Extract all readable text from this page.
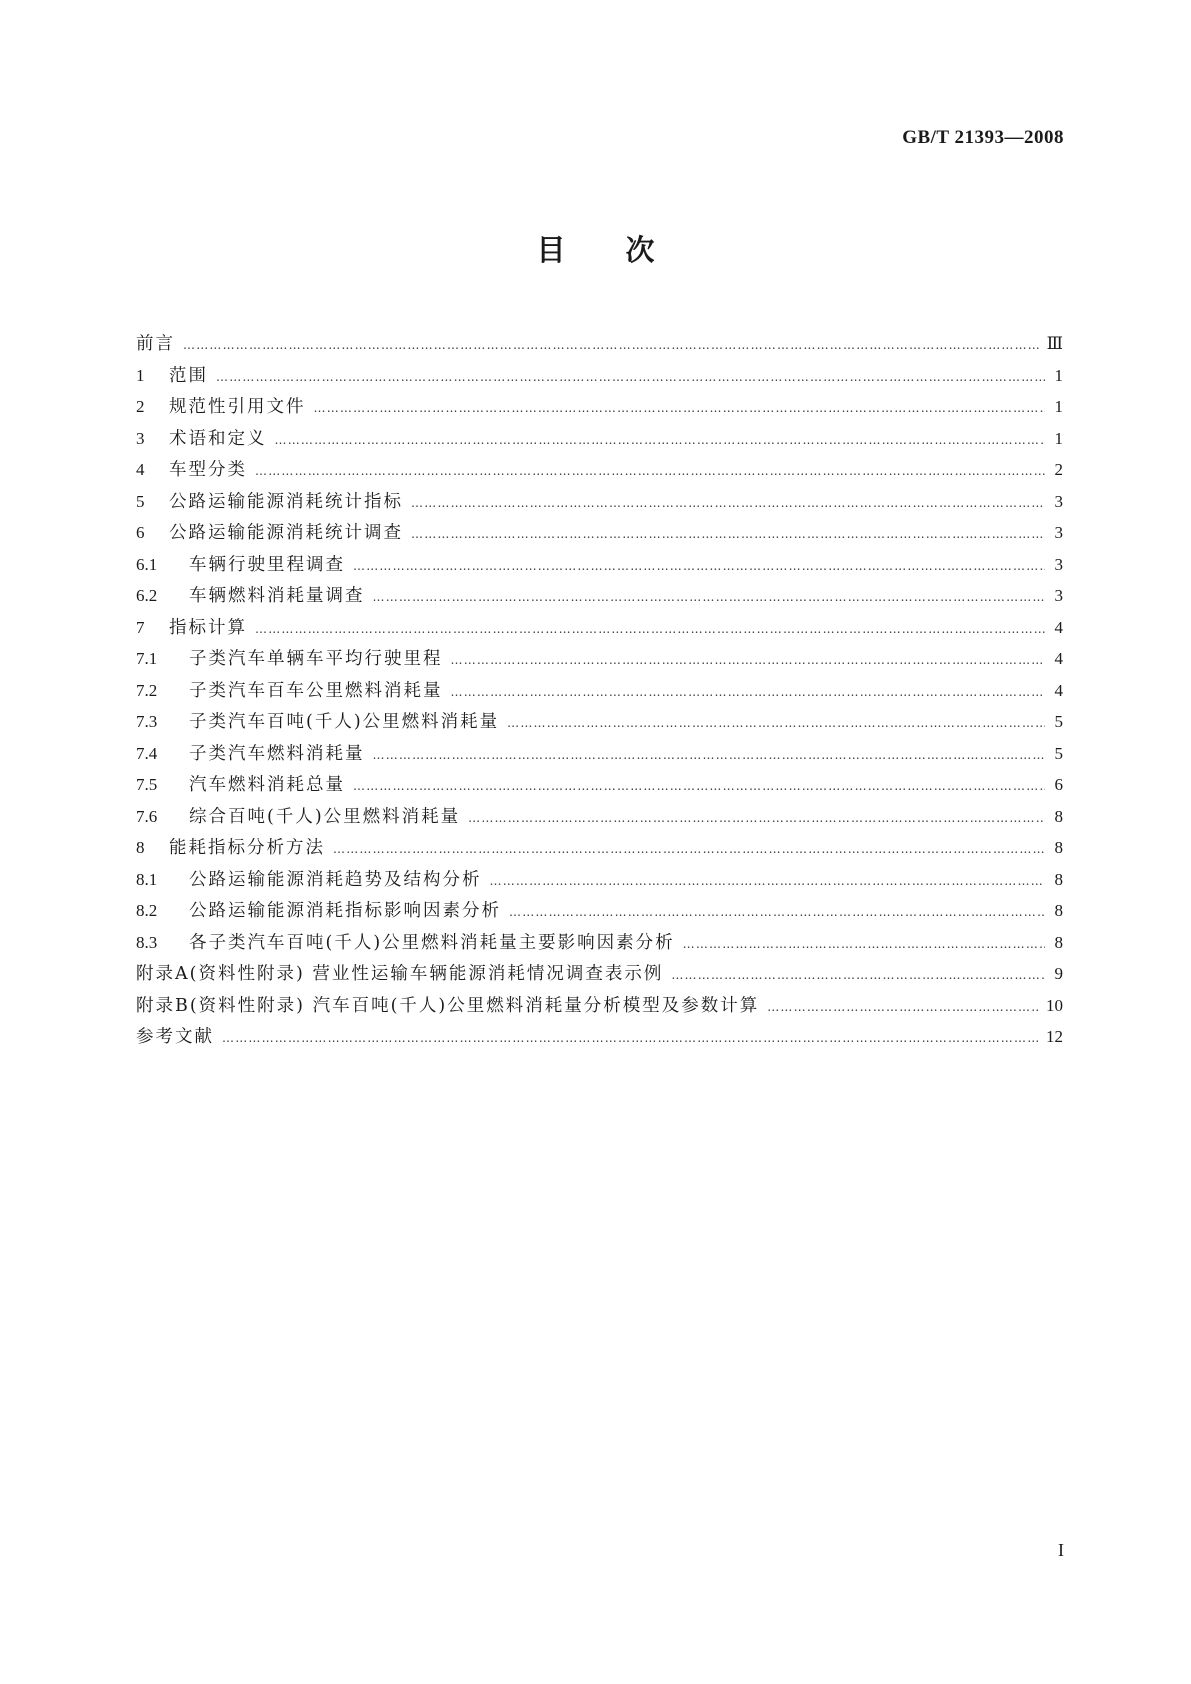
GB/T 21393—2008
目次
前言 ………………………………………………………………………………………………………………………………………………………………………………………………	Ⅲ
1	范围 ………………………………………………………………………………………………………………………………………………………………………………………………	1
2	规范性引用文件 ………………………………………………………………………………………………………………………………………………………………………………………………	1
3	术语和定义 ………………………………………………………………………………………………………………………………………………………………………………………………	1
4	车型分类 ………………………………………………………………………………………………………………………………………………………………………………………………	2
5	公路运输能源消耗统计指标 ………………………………………………………………………………………………………………………………………………………………………………………………	3
6	公路运输能源消耗统计调查 ………………………………………………………………………………………………………………………………………………………………………………………………	3
6.1	车辆行驶里程调查 ………………………………………………………………………………………………………………………………………………………………………………………………	3
6.2	车辆燃料消耗量调查 ………………………………………………………………………………………………………………………………………………………………………………………………	3
7	指标计算 ………………………………………………………………………………………………………………………………………………………………………………………………	4
7.1	子类汽车单辆车平均行驶里程 ………………………………………………………………………………………………………………………………………………………………………………………………	4
7.2	子类汽车百车公里燃料消耗量 ………………………………………………………………………………………………………………………………………………………………………………………………	4
7.3	子类汽车百吨(千人)公里燃料消耗量 ………………………………………………………………………………………………………………………………………………………………………………………………	5
7.4	子类汽车燃料消耗量 ………………………………………………………………………………………………………………………………………………………………………………………………	5
7.5	汽车燃料消耗总量 ………………………………………………………………………………………………………………………………………………………………………………………………	6
7.6	综合百吨(千人)公里燃料消耗量 ………………………………………………………………………………………………………………………………………………………………………………………………	8
8	能耗指标分析方法 ………………………………………………………………………………………………………………………………………………………………………………………………	8
8.1	公路运输能源消耗趋势及结构分析 ………………………………………………………………………………………………………………………………………………………………………………………………	8
8.2	公路运输能源消耗指标影响因素分析 ………………………………………………………………………………………………………………………………………………………………………………………………	8
8.3	各子类汽车百吨(千人)公里燃料消耗量主要影响因素分析 ………………………………………………………………………………………………………………………………………………………………………………………………	8
附录A(资料性附录) 营业性运输车辆能源消耗情况调查表示例 ………………………………………………………………………………………………………………………………………………………………………………………………	9
附录B(资料性附录) 汽车百吨(千人)公里燃料消耗量分析模型及参数计算 ………………………………………………………………………………………………………………………………………………………………………………………………	10
参考文献 ………………………………………………………………………………………………………………………………………………………………………………………………	12
I
